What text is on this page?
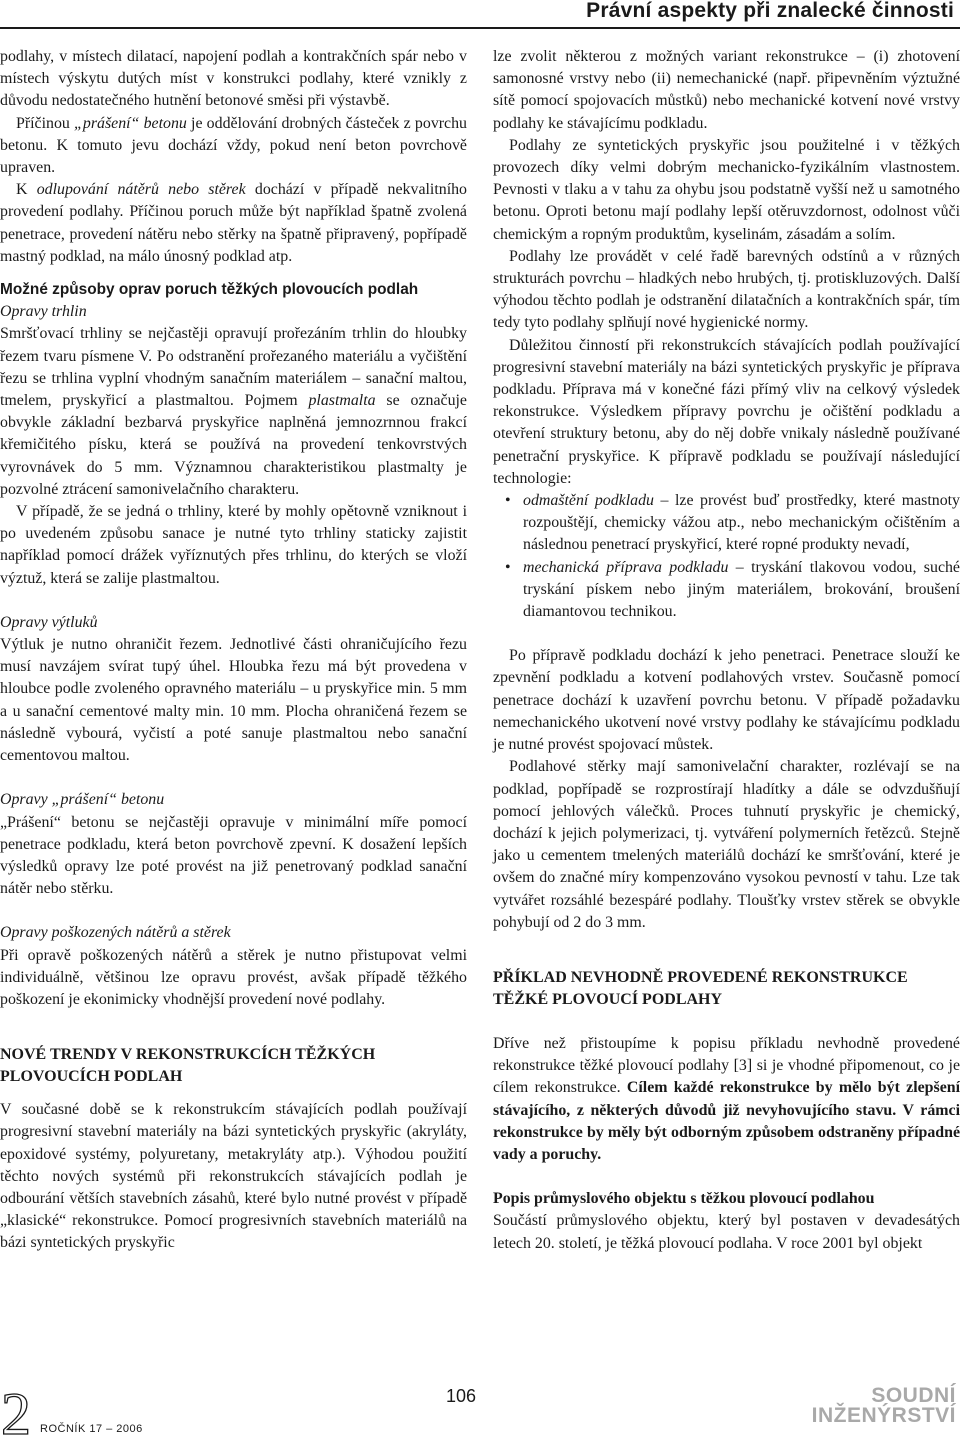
Právní aspekty při znalecké činnosti

podlahy, v místech dilatací, napojení podlah a kontrakčních spár nebo v místech výskytu dutých míst v konstrukci podlahy, které vznikly z důvodu nedostatečného hutnění betonové směsi při výstavbě.

Příčinou „prášení“ betonu je oddělování drobných částeček z povrchu betonu. K tomuto jevu dochází vždy, pokud není beton povrchově upraven.

K odlupování nátěrů nebo stěrek dochází v případě nekvalitního provedení podlahy. Příčinou poruch může být například špatně zvolená penetrace, provedení nátěru nebo stěrky na špatně připravený, popřípadě mastný podklad, na málo únosný podklad atp.

Možné způsoby oprav poruch těžkých plovoucích podlah

Opravy trhlin

Smršťovací trhliny se nejčastěji opravují prořezáním trhlin do hloubky řezem tvaru písmene V. Po odstranění prořezaného materiálu a vyčištění řezu se trhlina vyplní vhodným sanačním materiálem – sanační maltou, tmelem, pryskyřicí a plastmaltou. Pojmem plastmalta se označuje obvykle základní bezbarvá pryskyřice naplněná jemnozrnnou frakcí křemičitého písku, která se používá na provedení tenkovrstvých vyrovnávek do 5 mm. Významnou charakteristikou plastmalty je pozvolné ztrácení samonivelačního charakteru.

V případě, že se jedná o trhliny, které by mohly opětovně vzniknout i po uvedeném způsobu sanace je nutné tyto trhliny staticky zajistit například pomocí drážek vyříznutých přes trhlinu, do kterých se vloží výztuž, která se zalije plastmaltou.

Opravy výtluků

Výtluk je nutno ohraničit řezem. Jednotlivé části ohraničujícího řezu musí navzájem svírat tupý úhel. Hloubka řezu má být provedena v hloubce podle zvoleného opravného materiálu – u pryskyřice min. 5 mm a u sanační cementové malty min. 10 mm. Plocha ohraničená řezem se následně vybourá, vyčistí a poté sanuje plastmaltou nebo sanační cementovou maltou.

Opravy „prášení“ betonu

„Prášení“ betonu se nejčastěji opravuje v minimální míře pomocí penetrace podkladu, která beton povrchově zpevní. K dosažení lepších výsledků opravy lze poté provést na již penetrovaný podklad sanační nátěr nebo stěrku.

Opravy poškozených nátěrů a stěrek

Při opravě poškozených nátěrů a stěrek je nutno přistupovat velmi individuálně, většinou lze opravu provést, avšak případě těžkého poškození je ekonimicky vhodnější provedení nové podlahy.

NOVÉ TRENDY V REKONSTRUKCÍCH TĚŽKÝCH PLOVOUCÍCH PODLAH

V současné době se k rekonstrukcím stávajících podlah používají progresivní stavební materiály na bázi syntetických pryskyřic (akryláty, epoxidové systémy, polyuretany, metakryláty atp.). Výhodou použití těchto nových systémů při rekonstrukcích stávajících podlah je odbourání větších stavebních zásahů, které bylo nutné provést v případě „klasické“ rekonstrukce. Pomocí progresivních stavebních materiálů na bázi syntetických pryskyřic

lze zvolit některou z možných variant rekonstrukce – (i) zhotovení samonosné vrstvy nebo (ii) nemechanické (např. připevněním výztužné sítě pomocí spojovacích můstků) nebo mechanické kotvení nové vrstvy podlahy ke stávajícímu podkladu.

Podlahy ze syntetických pryskyřic jsou použitelné i v těžkých provozech díky velmi dobrým mechanicko-fyzikálním vlastnostem. Pevnosti v tlaku a v tahu za ohybu jsou podstatně vyšší než u samotného betonu. Oproti betonu mají podlahy lepší otěruvzdornost, odolnost vůči chemickým a ropným produktům, kyselinám, zásadám a solím.

Podlahy lze provádět v celé řadě barevných odstínů a v různých strukturách povrchu – hladkých nebo hrubých, tj. protiskluzových. Další výhodou těchto podlah je odstranění dilatačních a kontrakčních spár, tím tedy tyto podlahy splňují nové hygienické normy.

Důležitou činností při rekonstrukcích stávajících podlah používající progresivní stavební materiály na bázi syntetických pryskyřic je příprava podkladu. Příprava má v konečné fázi přímý vliv na celkový výsledek rekonstrukce. Výsledkem přípravy povrchu je očištění podkladu a otevření struktury betonu, aby do něj dobře vnikaly následně používané penetrační pryskyřice. K přípravě podkladu se používají následující technologie:

• odmaštění podkladu – lze provést buď prostředky, které mastnoty rozpouštějí, chemicky vážou atp., nebo mechanickým očištěním a následnou penetrací pryskyřicí, které ropné produkty nevadí,
• mechanická příprava podkladu – tryskání tlakovou vodou, suché tryskání pískem nebo jiným materiálem, brokování, broušení diamantovou technikou.

Po přípravě podkladu dochází k jeho penetraci. Penetrace slouží ke zpevnění podkladu a kotvení podlahových vrstev. Současně pomocí penetrace dochází k uzavření povrchu betonu. V případě požadavku nemechanického ukotvení nové vrstvy podlahy ke stávajícímu podkladu je nutné provést spojovací můstek.

Podlahové stěrky mají samonivelační charakter, rozlévají se na podklad, popřípadě se rozprostírají hladítky a dále se odvzdušňují pomocí jehlových válečků. Proces tuhnutí pryskyřic je chemický, dochází k jejich polymerizaci, tj. vytváření polymerních řetězců. Stejně jako u cementem tmelených materiálů dochází ke smršťování, které je ovšem do značné míry kompenzováno vysokou pevností v tahu. Lze tak vytvářet rozsáhlé bezespáré podlahy. Tloušťky vrstev stěrek se obvykle pohybují od 2 do 3 mm.

PŘÍKLAD NEVHODNĚ PROVEDENÉ REKONSTRUKCE TĚŽKÉ PLOVOUCÍ PODLAHY

Dříve než přistoupíme k popisu příkladu nevhodně provedené rekonstrukce těžké plovoucí podlahy [3] si je vhodné připomenout, co je cílem rekonstrukce. Cílem každé rekonstrukce by mělo být zlepšení stávajícího, z některých důvodů již nevyhovujícího stavu. V rámci rekonstrukce by měly být odborným způsobem odstraněny případné vady a poruchy.

Popis průmyslového objektu s těžkou plovoucí podlahou

Součástí průmyslového objektu, který byl postaven v devadesátých letech 20. století, je těžká plovoucí podlaha. V roce 2001 byl objekt

2 ROČNÍK 17 – 2006
106	SOUDNÍ
INŽENÝRSTVÍ
